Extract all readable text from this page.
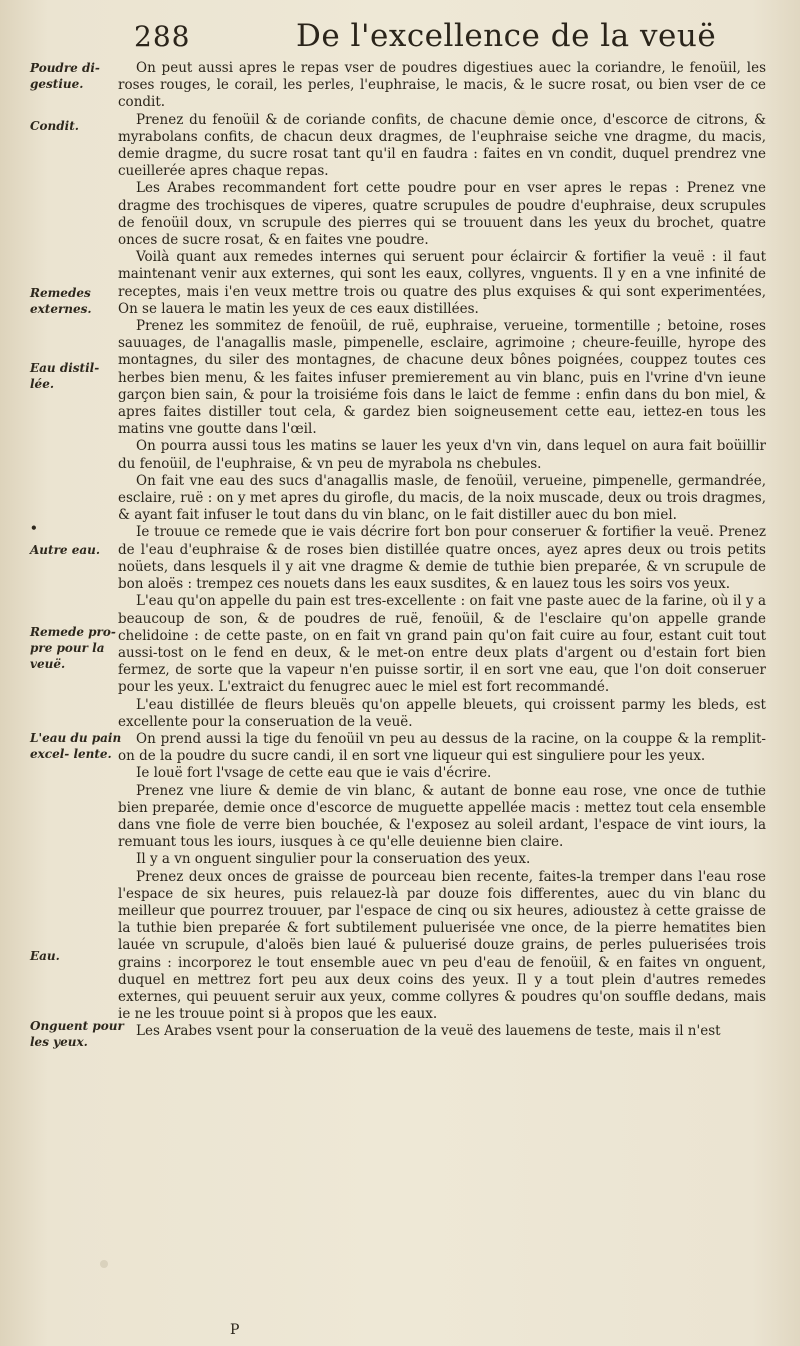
288	De l'excellence de la veuë
Poudre di- gestiue.
Condit.
Remedes externes.
Eau distil- lée.
•
Autre eau.
Remede pro- pre pour la veuë.
L'eau du pain excel- lente.
Eau.
Onguent pour les yeux.

On peut aussi apres le repas vser de poudres digestiues auec la coriandre, le fenoüil, les roses rouges, le corail, les perles, l'euphraise, le macis, & le sucre rosat, ou bien vser de ce condit.

Prenez du fenoüil & de coriande confits, de chacune demie once, d'escorce de citrons, & myrabolans confits, de chacun deux dragmes, de l'euphraise seiche vne dragme, du macis, demie dragme, du sucre rosat tant qu'il en faudra : faites en vn condit, duquel prendrez vne cueillerée apres chaque repas.

Les Arabes recommandent fort cette poudre pour en vser apres le repas : Prenez vne dragme des trochisques de viperes, quatre scrupules de poudre d'euphraise, deux scrupules de fenoüil doux, vn scrupule des pierres qui se trouuent dans les yeux du brochet, quatre onces de sucre rosat, & en faites vne poudre.

Voilà quant aux remedes internes qui seruent pour éclaircir & fortifier la veuë : il faut maintenant venir aux externes, qui sont les eaux, collyres, vnguents. Il y en a vne infinité de receptes, mais i'en veux mettre trois ou quatre des plus exquises & qui sont experimentées, On se lauera le matin les yeux de ces eaux distillées.

Prenez les sommitez de fenoüil, de ruë, euphraise, verueine, tormentille ; betoine, roses sauuages, de l'anagallis masle, pimpenelle, esclaire, agrimoine ; cheure-feuille, hyrope des montagnes, du siler des montagnes, de chacune deux bônes poignées, couppez toutes ces herbes bien menu, & les faites infuser premierement au vin blanc, puis en l'vrine d'vn ieune garçon bien sain, & pour la troisiéme fois dans le laict de femme : enfin dans du bon miel, & apres faites distiller tout cela, & gardez bien soigneusement cette eau, iettez-en tous les matins vne goutte dans l'œil.

On pourra aussi tous les matins se lauer les yeux d'vn vin, dans lequel on aura fait boüillir du fenoüil, de l'euphraise, & vn peu de myrabola ns chebules.

On fait vne eau des sucs d'anagallis masle, de fenoüil, verueine, pimpenelle, germandrée, esclaire, ruë : on y met apres du girofle, du macis, de la noix muscade, deux ou trois dragmes, & ayant fait infuser le tout dans du vin blanc, on le fait distiller auec du bon miel.

Ie trouue ce remede que ie vais décrire fort bon pour conseruer & fortifier la veuë. Prenez de l'eau d'euphraise & de roses bien distillée quatre onces, ayez apres deux ou trois petits noüets, dans lesquels il y ait vne dragme & demie de tuthie bien preparée, & vn scrupule de bon aloës : trempez ces nouets dans les eaux susdites, & en lauez tous les soirs vos yeux.

L'eau qu'on appelle du pain est tres-excellente : on fait vne paste auec de la farine, où il y a beaucoup de son, & de poudres de ruë, fenoüil, & de l'esclaire qu'on appelle grande chelidoine : de cette paste, on en fait vn grand pain qu'on fait cuire au four, estant cuit tout aussi-tost on le fend en deux, & le met-on entre deux plats d'argent ou d'estain fort bien fermez, de sorte que la vapeur n'en puisse sortir, il en sort vne eau, que l'on doit conseruer pour les yeux. L'extraict du fenugrec auec le miel est fort recommandé.

L'eau distillée de fleurs bleuës qu'on appelle bleuets, qui croissent parmy les bleds, est excellente pour la conseruation de la veuë.

On prend aussi la tige du fenoüil vn peu au dessus de la racine, on la couppe & la remplit-on de la poudre du sucre candi, il en sort vne liqueur qui est singuliere pour les yeux.

Ie louë fort l'vsage de cette eau que ie vais d'écrire.

Prenez vne liure & demie de vin blanc, & autant de bonne eau rose, vne once de tuthie bien preparée, demie once d'escorce de muguette appellée macis : mettez tout cela ensemble dans vne fiole de verre bien bouchée, & l'exposez au soleil ardant, l'espace de vint iours, la remuant tous les iours, iusques à ce qu'elle deuienne bien claire.

Il y a vn onguent singulier pour la conseruation des yeux.

Prenez deux onces de graisse de pourceau bien recente, faites-la tremper dans l'eau rose l'espace de six heures, puis relauez-là par douze fois differentes, auec du vin blanc du meilleur que pourrez trouuer, par l'espace de cinq ou six heures, adioustez à cette graisse de la tuthie bien preparée & fort subtilement puluerisée vne once, de la pierre hematites bien lauée vn scrupule, d'aloës bien laué & puluerisé douze grains, de perles puluerisées trois grains : incorporez le tout ensemble auec vn peu d'eau de fenoüil, & en faites vn onguent, duquel en mettrez fort peu aux deux coins des yeux. Il y a tout plein d'autres remedes externes, qui peuuent seruir aux yeux, comme collyres & poudres qu'on souffle dedans, mais ie ne les trouue point si à propos que les eaux.

Les Arabes vsent pour la conseruation de la veuë des lauemens de teste, mais il n'est

P
